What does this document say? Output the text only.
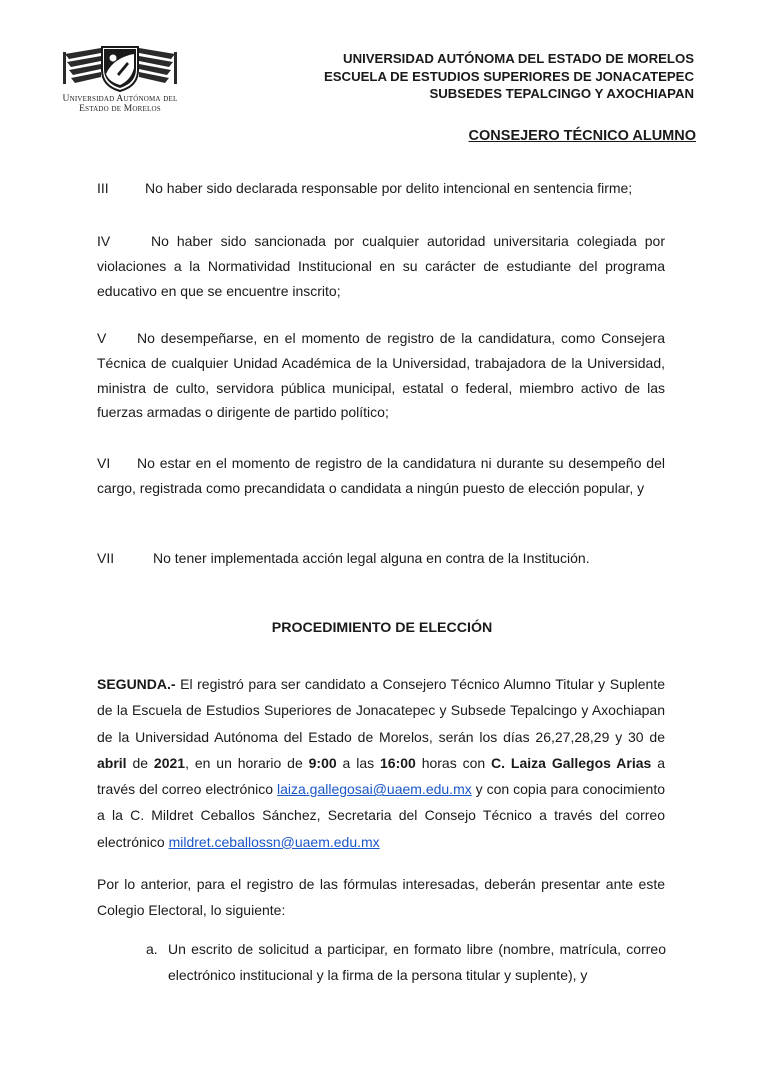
Universidad Autónoma del
Estado de Morelos
UNIVERSIDAD AUTÓNOMA DEL ESTADO DE MORELOS
ESCUELA DE ESTUDIOS SUPERIORES DE JONACATEPEC
SUBSEDES TEPALCINGO Y AXOCHIAPAN
CONSEJERO TÉCNICO ALUMNO
III	No haber sido declarada responsable por delito intencional en sentencia firme;
IV	No haber sido sancionada por cualquier autoridad universitaria colegiada por violaciones a la Normatividad Institucional en su carácter de estudiante del programa educativo en que se encuentre inscrito;
V No desempeñarse, en el momento de registro de la candidatura, como Consejera Técnica de cualquier Unidad Académica de la Universidad, trabajadora de la Universidad, ministra de culto, servidora pública municipal, estatal o federal, miembro activo de las fuerzas armadas o dirigente de partido político;
VI No estar en el momento de registro de la candidatura ni durante su desempeño del cargo, registrada como precandidata o candidata a ningún puesto de elección popular, y
VII	No tener implementada acción legal alguna en contra de la Institución.
PROCEDIMIENTO DE ELECCIÓN
SEGUNDA.- El registró para ser candidato a Consejero Técnico Alumno Titular y Suplente de la Escuela de Estudios Superiores de Jonacatepec y Subsede Tepalcingo y Axochiapan de la Universidad Autónoma del Estado de Morelos, serán los días 26,27,28,29 y 30 de abril de 2021, en un horario de 9:00 a las 16:00 horas con C. Laiza Gallegos Arias a través del correo electrónico laiza.gallegosai@uaem.edu.mx y con copia para conocimiento a la C. Mildret Ceballos Sánchez, Secretaria del Consejo Técnico a través del correo electrónico mildret.ceballossn@uaem.edu.mx
Por lo anterior, para el registro de las fórmulas interesadas, deberán presentar ante este Colegio Electoral, lo siguiente:
a. Un escrito de solicitud a participar, en formato libre (nombre, matrícula, correo electrónico institucional y la firma de la persona titular y suplente), y
